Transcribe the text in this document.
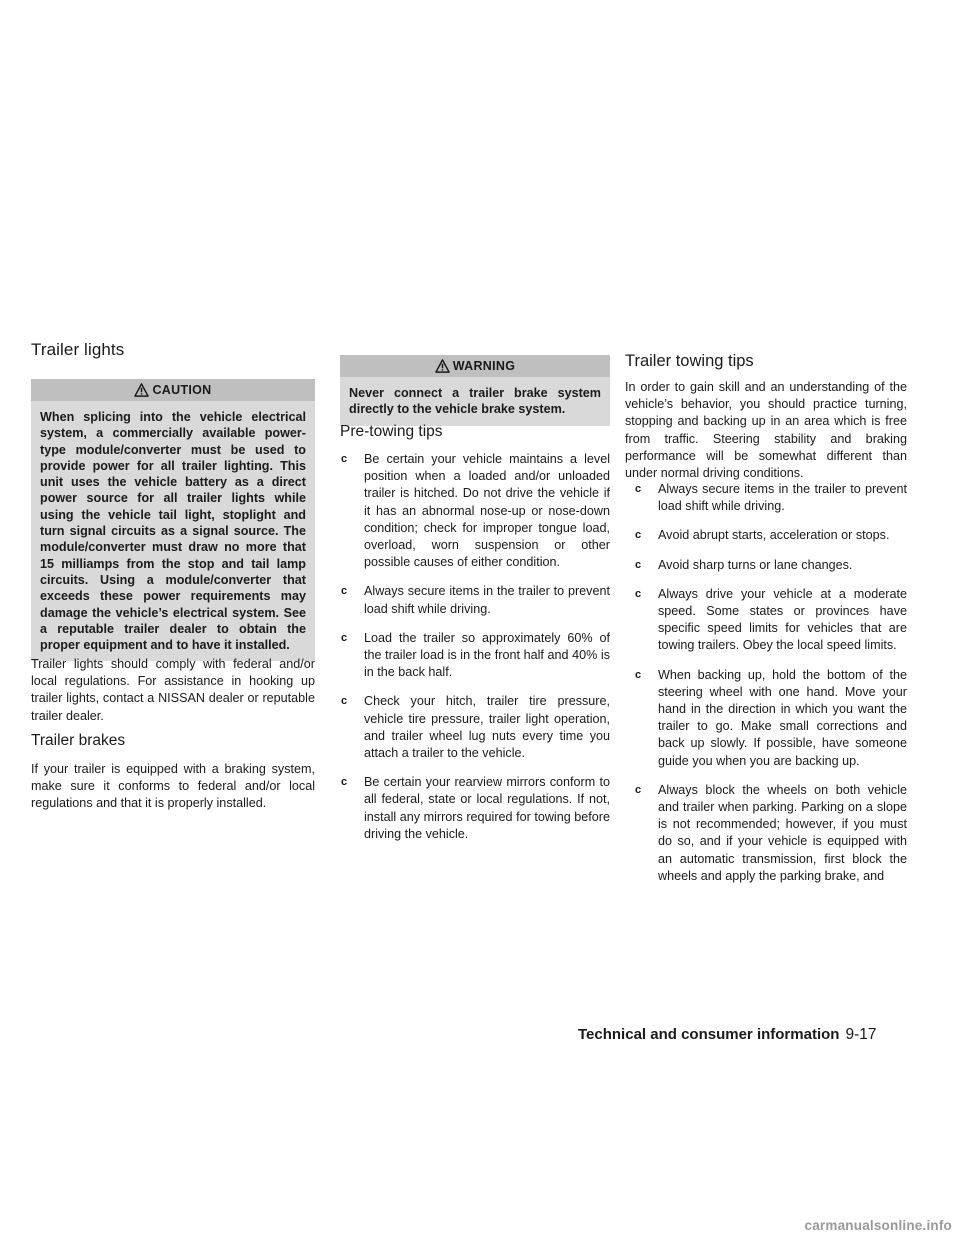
Trailer lights
CAUTION
When splicing into the vehicle electrical system, a commercially available power-type module/converter must be used to provide power for all trailer lighting. This unit uses the vehicle battery as a direct power source for all trailer lights while using the vehicle tail light, stoplight and turn signal circuits as a signal source. The module/converter must draw no more that 15 milliamps from the stop and tail lamp circuits. Using a module/converter that exceeds these power requirements may damage the vehicle’s electrical system. See a reputable trailer dealer to obtain the proper equipment and to have it installed.

Trailer lights should comply with federal and/or local regulations. For assistance in hooking up trailer lights, contact a NISSAN dealer or reputable trailer dealer.

Trailer brakes

If your trailer is equipped with a braking system, make sure it conforms to federal and/or local regulations and that it is properly installed.

WARNING
Never connect a trailer brake system directly to the vehicle brake system.
Pre-towing tips
c Be certain your vehicle maintains a level position when a loaded and/or unloaded trailer is hitched. Do not drive the vehicle if it has an abnormal nose-up or nose-down condition; check for improper tongue load, overload, worn suspension or other possible causes of either condition.
c Always secure items in the trailer to prevent load shift while driving.
c Load the trailer so approximately 60% of the trailer load is in the front half and 40% is in the back half.
c Check your hitch, trailer tire pressure, vehicle tire pressure, trailer light operation, and trailer wheel lug nuts every time you attach a trailer to the vehicle.
c Be certain your rearview mirrors conform to all federal, state or local regulations. If not, install any mirrors required for towing before driving the vehicle.
Trailer towing tips

In order to gain skill and an understanding of the vehicle’s behavior, you should practice turning, stopping and backing up in an area which is free from traffic. Steering stability and braking performance will be somewhat different than under normal driving conditions.

c Always secure items in the trailer to prevent load shift while driving.
c Avoid abrupt starts, acceleration or stops.
c Avoid sharp turns or lane changes.
c Always drive your vehicle at a moderate speed. Some states or provinces have specific speed limits for vehicles that are towing trailers. Obey the local speed limits.
c When backing up, hold the bottom of the steering wheel with one hand. Move your hand in the direction in which you want the trailer to go. Make small corrections and back up slowly. If possible, have someone guide you when you are backing up.
c Always block the wheels on both vehicle and trailer when parking. Parking on a slope is not recommended; however, if you must do so, and if your vehicle is equipped with an automatic transmission, first block the wheels and apply the parking brake, and
Technical and consumer information 9-17
carmanualsonline.info
